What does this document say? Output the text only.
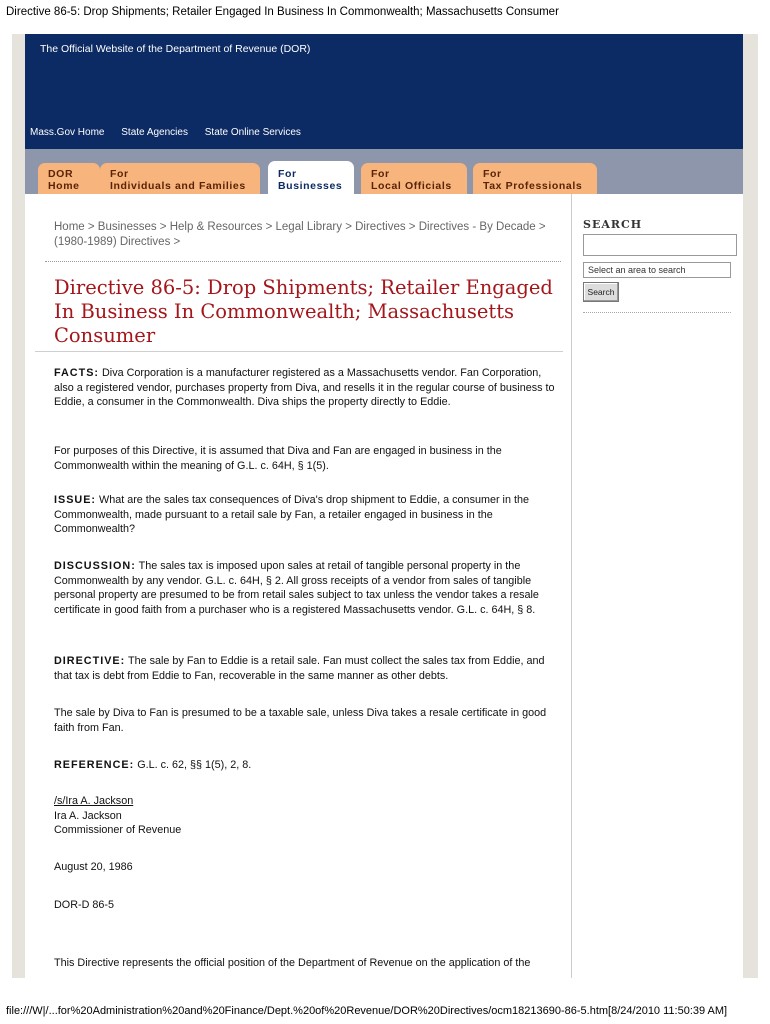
Directive 86-5: Drop Shipments; Retailer Engaged In Business In Commonwealth; Massachusetts Consumer
The Official Website of the Department of Revenue (DOR)
Mass.Gov Home State Agencies State Online Services
DOR
Home
For
Individuals and Families
For
Businesses
For
Local Officials
For
Tax Professionals
Home > Businesses > Help & Resources > Legal Library > Directives > Directives - By Decade > (1980-1989) Directives >
Directive 86-5: Drop Shipments; Retailer Engaged In Business In Commonwealth; Massachusetts Consumer

FACTS: Diva Corporation is a manufacturer registered as a Massachusetts vendor. Fan Corporation, also a registered vendor, purchases property from Diva, and resells it in the regular course of business to Eddie, a consumer in the Commonwealth. Diva ships the property directly to Eddie.

For purposes of this Directive, it is assumed that Diva and Fan are engaged in business in the Commonwealth within the meaning of G.L. c. 64H, § 1(5).

ISSUE: What are the sales tax consequences of Diva's drop shipment to Eddie, a consumer in the Commonwealth, made pursuant to a retail sale by Fan, a retailer engaged in business in the Commonwealth?

DISCUSSION: The sales tax is imposed upon sales at retail of tangible personal property in the Commonwealth by any vendor. G.L. c. 64H, § 2. All gross receipts of a vendor from sales of tangible personal property are presumed to be from retail sales subject to tax unless the vendor takes a resale certificate in good faith from a purchaser who is a registered Massachusetts vendor. G.L. c. 64H, § 8.

DIRECTIVE: The sale by Fan to Eddie is a retail sale. Fan must collect the sales tax from Eddie, and that tax is debt from Eddie to Fan, recoverable in the same manner as other debts.

The sale by Diva to Fan is presumed to be a taxable sale, unless Diva takes a resale certificate in good faith from Fan.

REFERENCE: G.L. c. 62, §§ 1(5), 2, 8.

/s/Ira A. Jackson
Ira A. Jackson
Commissioner of Revenue

August 20, 1986

DOR-D 86-5

This Directive represents the official position of the Department of Revenue on the application of the

SEARCH
Select an area to search
Search
file:///W|/...for%20Administration%20and%20Finance/Dept.%20of%20Revenue/DOR%20Directives/ocm18213690-86-5.htm[8/24/2010 11:50:39 AM]
